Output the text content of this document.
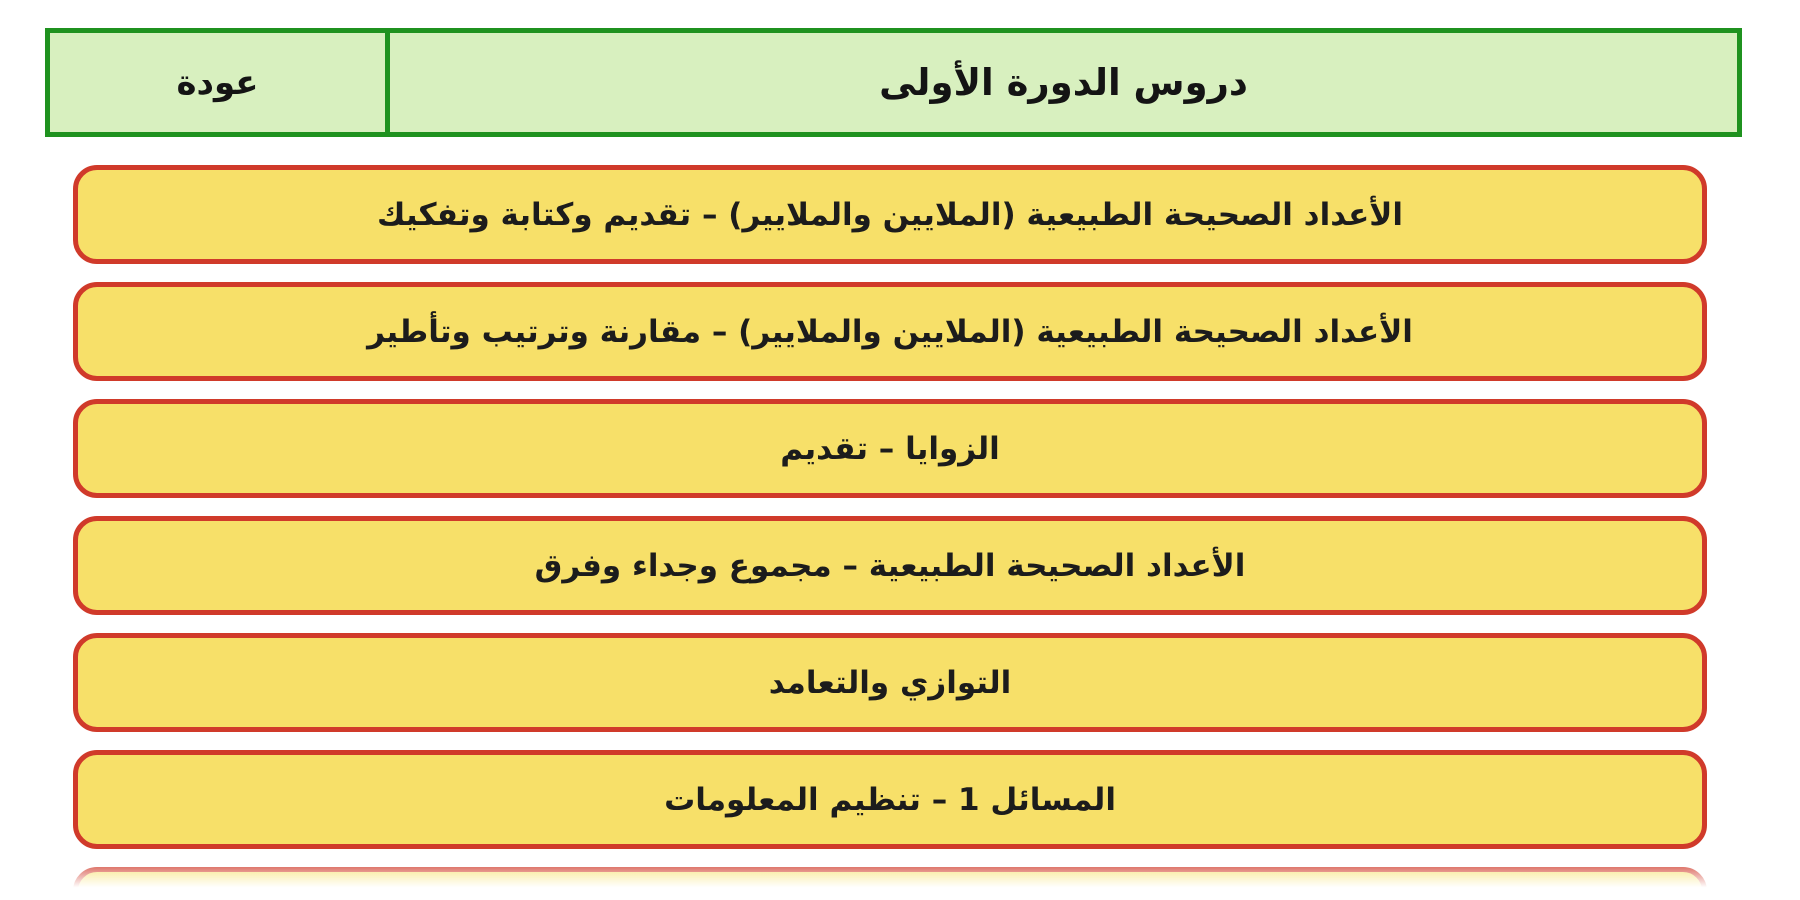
دروس الدورة الأولى
عودة
الأعداد الصحيحة الطبيعية (الملايين والملايير) – تقديم وكتابة وتفكيك
الأعداد الصحيحة الطبيعية (الملايين والملايير) – مقارنة وترتيب وتأطير
الزوايا – تقديم
الأعداد الصحيحة الطبيعية – مجموع وجداء وفرق
التوازي والتعامد
المسائل 1 – تنظيم المعلومات
